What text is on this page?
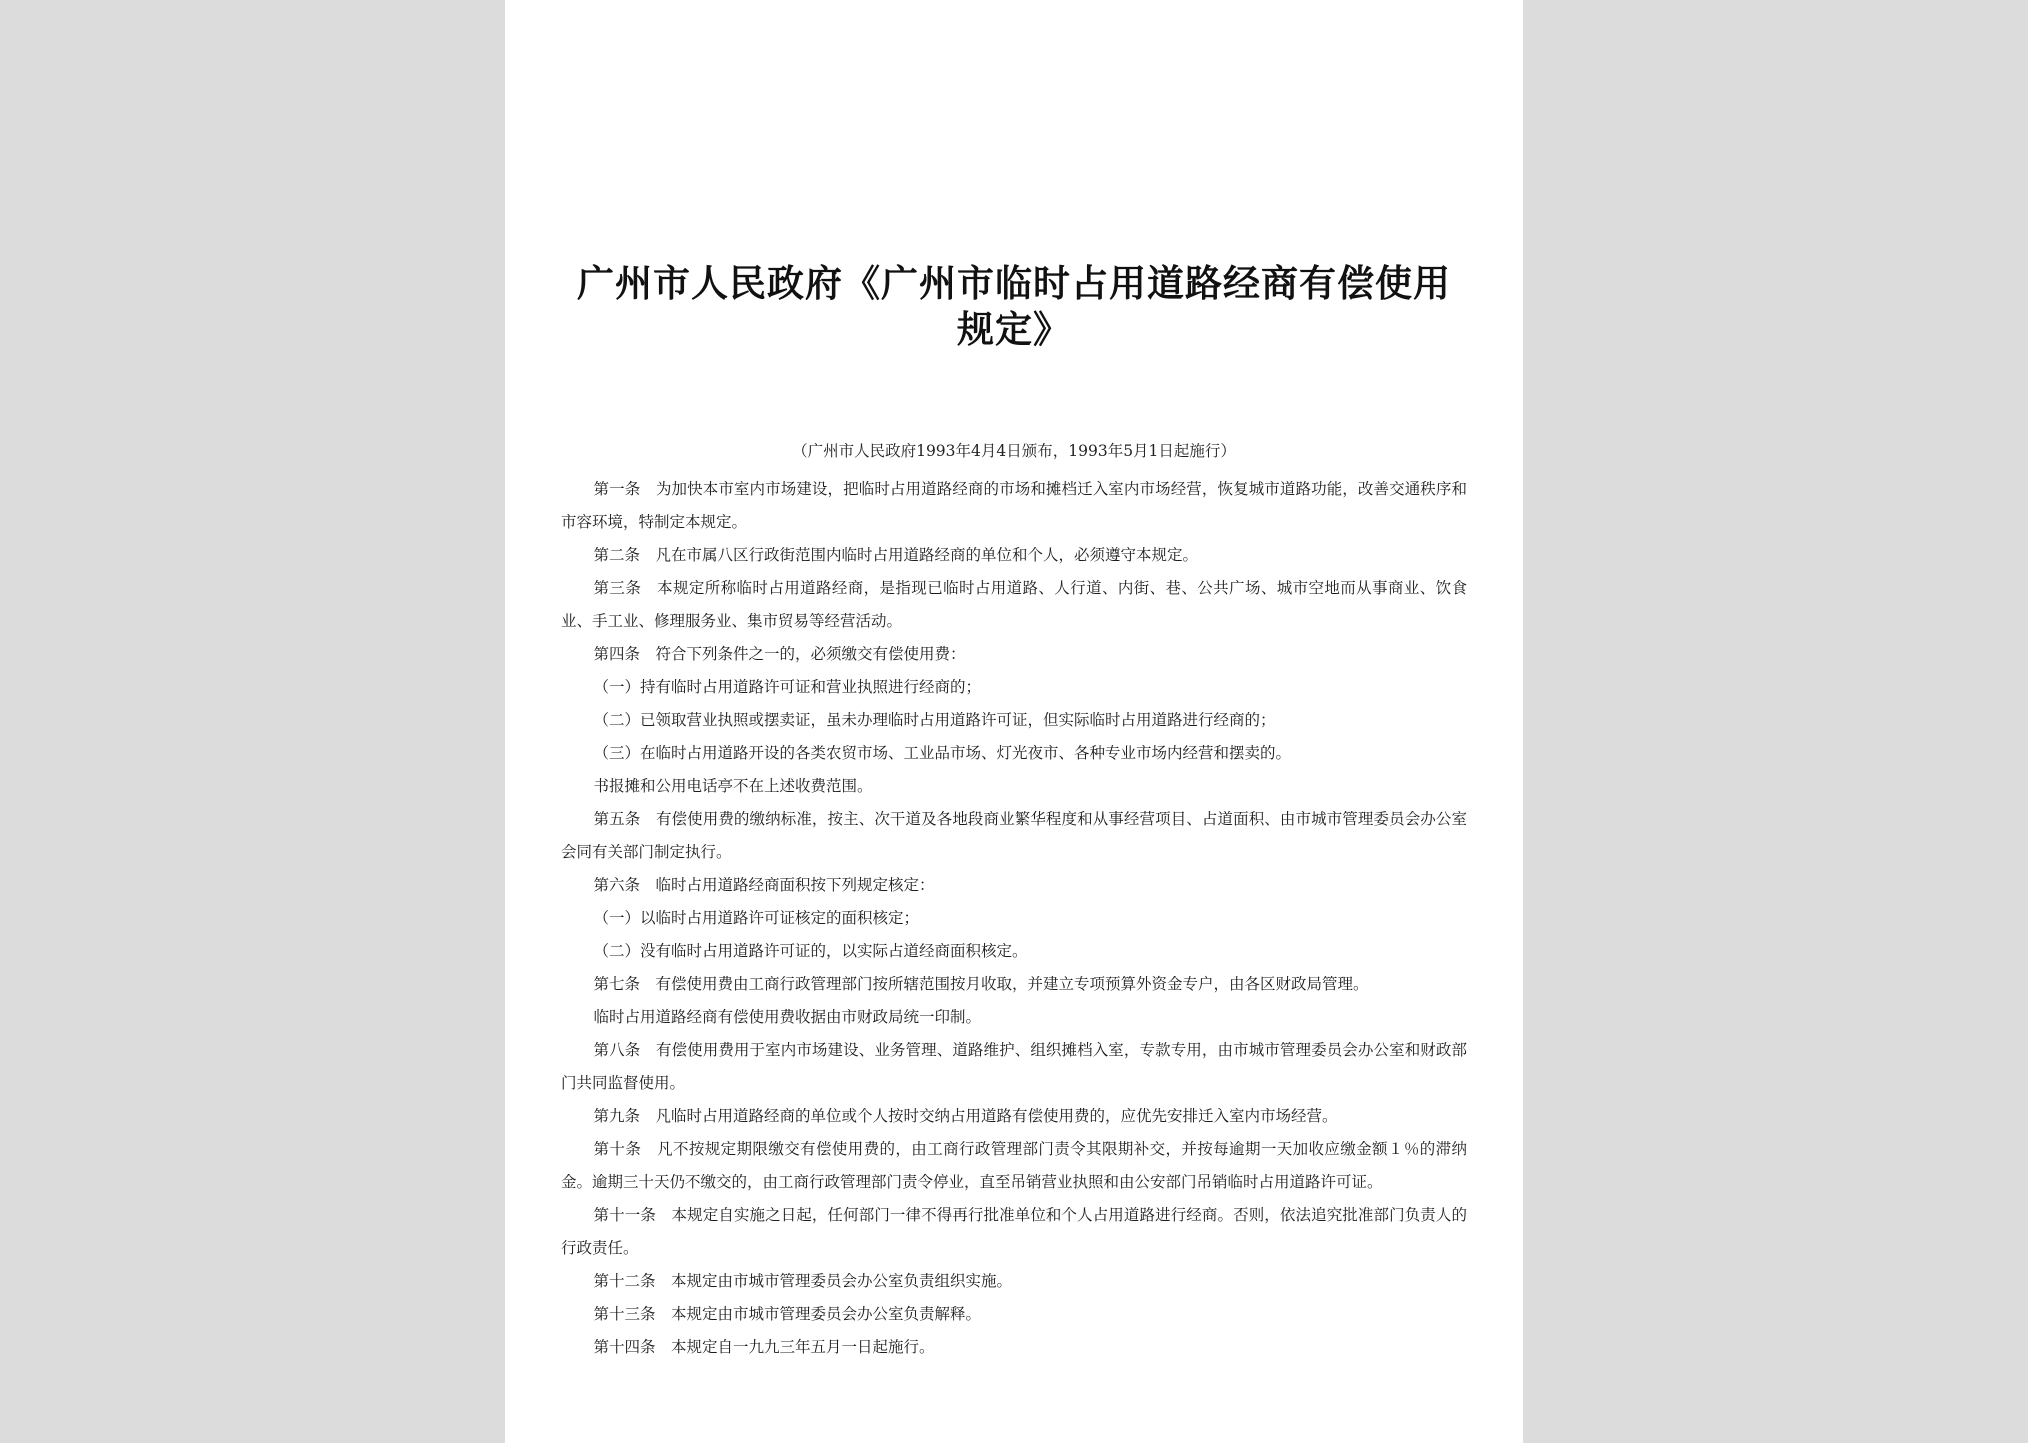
广州市人民政府《广州市临时占用道路经商有偿使用规定》
（广州市人民政府1993年4月4日颁布，1993年5月1日起施行）

第一条　为加快本市室内市场建设，把临时占用道路经商的市场和摊档迁入室内市场经营，恢复城市道路功能，改善交通秩序和市容环境，特制定本规定。

第二条　凡在市属八区行政街范围内临时占用道路经商的单位和个人，必须遵守本规定。

第三条　本规定所称临时占用道路经商，是指现已临时占用道路、人行道、内街、巷、公共广场、城市空地而从事商业、饮食业、手工业、修理服务业、集市贸易等经营活动。

第四条　符合下列条件之一的，必须缴交有偿使用费：

（一）持有临时占用道路许可证和营业执照进行经商的；

（二）已领取营业执照或摆卖证，虽未办理临时占用道路许可证，但实际临时占用道路进行经商的；

（三）在临时占用道路开设的各类农贸市场、工业品市场、灯光夜市、各种专业市场内经营和摆卖的。

书报摊和公用电话亭不在上述收费范围。

第五条　有偿使用费的缴纳标准，按主、次干道及各地段商业繁华程度和从事经营项目、占道面积、由市城市管理委员会办公室会同有关部门制定执行。

第六条　临时占用道路经商面积按下列规定核定：

（一）以临时占用道路许可证核定的面积核定；

（二）没有临时占用道路许可证的，以实际占道经商面积核定。

第七条　有偿使用费由工商行政管理部门按所辖范围按月收取，并建立专项预算外资金专户，由各区财政局管理。

临时占用道路经商有偿使用费收据由市财政局统一印制。

第八条　有偿使用费用于室内市场建设、业务管理、道路维护、组织摊档入室，专款专用，由市城市管理委员会办公室和财政部门共同监督使用。

第九条　凡临时占用道路经商的单位或个人按时交纳占用道路有偿使用费的，应优先安排迁入室内市场经营。

第十条　凡不按规定期限缴交有偿使用费的，由工商行政管理部门责令其限期补交，并按每逾期一天加收应缴金额１％的滞纳金。逾期三十天仍不缴交的，由工商行政管理部门责令停业，直至吊销营业执照和由公安部门吊销临时占用道路许可证。

第十一条　本规定自实施之日起，任何部门一律不得再行批准单位和个人占用道路进行经商。否则，依法追究批准部门负责人的行政责任。

第十二条　本规定由市城市管理委员会办公室负责组织实施。

第十三条　本规定由市城市管理委员会办公室负责解释。

第十四条　本规定自一九九三年五月一日起施行。
